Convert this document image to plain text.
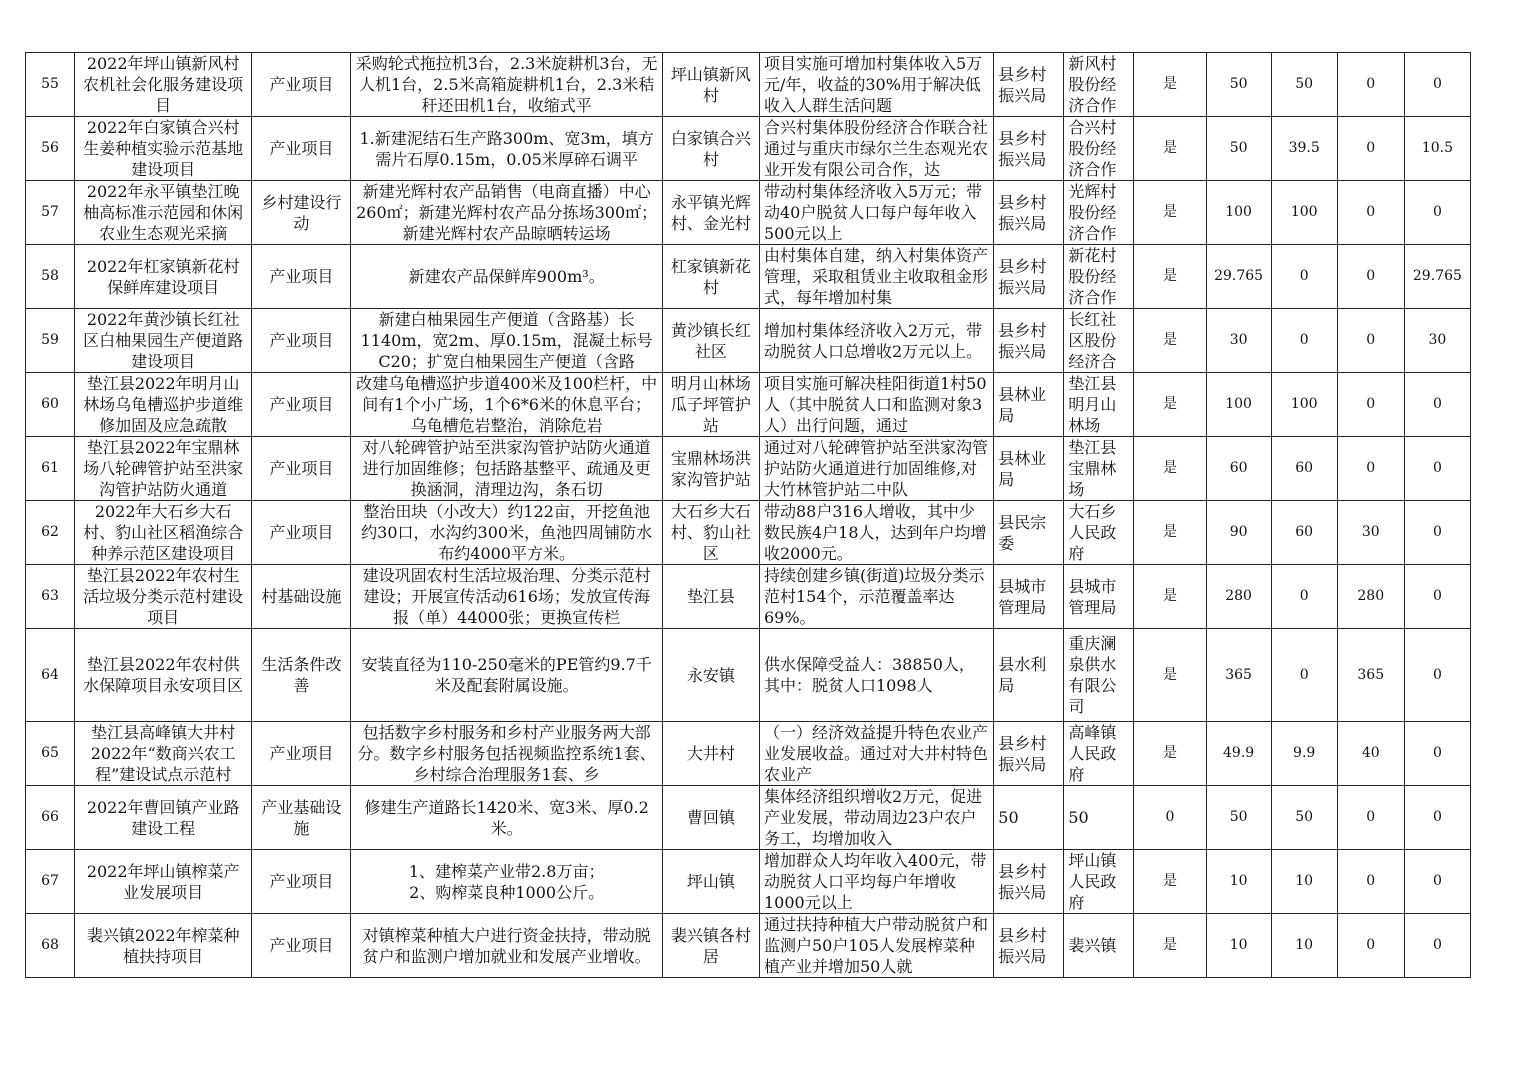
55	2022年坪山镇新风村农机社会化服务建设项目	产业项目	采购轮式拖拉机3台，2.3米旋耕机3台，无人机1台，2.5米高箱旋耕机1台，2.3米秸秆还田机1台，收缩式平	坪山镇新风村	项目实施可增加村集体收入5万元/年，收益的30%用于解决低收入人群生活问题	县乡村振兴局	新风村股份经济合作	是	50	50	0	0

56	2022年白家镇合兴村生姜种植实验示范基地建设项目	产业项目	1.新建泥结石生产路300m、宽3m，填方需片石厚0.15m，0.05米厚碎石调平	白家镇合兴村	合兴村集体股份经济合作联合社通过与重庆市绿尔兰生态观光农业开发有限公司合作，达	县乡村振兴局	合兴村股份经济合作	是	50	39.5	0	10.5

57	2022年永平镇垫江晚柚高标准示范园和休闲农业生态观光采摘	乡村建设行动	新建光辉村农产品销售（电商直播）中心260㎡；新建光辉村农产品分拣场300㎡；新建光辉村农产品晾晒转运场	永平镇光辉村、金光村	带动村集体经济收入5万元；带动40户脱贫人口每户每年收入500元以上	县乡村振兴局	光辉村股份经济合作	是	100	100	0	0

58	2022年杠家镇新花村保鲜库建设项目	产业项目	新建农产品保鲜库900m³。	杠家镇新花村	由村集体自建，纳入村集体资产管理，采取租赁业主收取租金形式，每年增加村集	县乡村振兴局	新花村股份经济合作	是	29.765	0	0	29.765

59	2022年黄沙镇长红社区白柚果园生产便道路建设项目	产业项目	新建白柚果园生产便道（含路基）长1140m，宽2m、厚0.15m，混凝土标号C20；扩宽白柚果园生产便道（含路	黄沙镇长红社区	增加村集体经济收入2万元，带动脱贫人口总增收2万元以上。	县乡村振兴局	长红社区股份经济合	是	30	0	0	30

60	垫江县2022年明月山林场乌龟槽巡护步道维修加固及应急疏散	产业项目	改建乌龟槽巡护步道400米及100栏杆，中间有1个小广场，1个6*6米的休息平台；乌龟槽危岩整治，消除危岩	明月山林场瓜子坪管护站	项目实施可解决桂阳街道1村50人（其中脱贫人口和监测对象3人）出行问题，通过	县林业局	垫江县明月山林场	是	100	100	0	0

61	垫江县2022年宝鼎林场八轮碑管护站至洪家沟管护站防火通道	产业项目	对八轮碑管护站至洪家沟管护站防火通道进行加固维修；包括路基整平、疏通及更换涵洞，清理边沟，条石切	宝鼎林场洪家沟管护站	通过对八轮碑管护站至洪家沟管护站防火通道进行加固维修,对大竹林管护站二中队	县林业局	垫江县宝鼎林场	是	60	60	0	0

62	2022年大石乡大石村、豹山社区稻渔综合种养示范区建设项目	产业项目	整治田块（小改大）约122亩，开挖鱼池约30口，水沟约300米，鱼池四周铺防水布约4000平方米。	大石乡大石村、豹山社区	带动88户316人增收，其中少数民族4户18人，达到年户均增收2000元。	县民宗委	大石乡人民政府	是	90	60	30	0

63	垫江县2022年农村生活垃圾分类示范村建设项目	村基础设施	建设巩固农村生活垃圾治理、分类示范村建设；开展宣传活动616场；发放宣传海报（单）44000张；更换宣传栏	垫江县	持续创建乡镇(街道)垃圾分类示范村154个，示范覆盖率达69%。	县城市管理局	县城市管理局	是	280	0	280	0

64	垫江县2022年农村供水保障项目永安项目区	生活条件改善	安装直径为110-250毫米的PE管约9.7千米及配套附属设施。	永安镇	供水保障受益人：38850人，其中：脱贫人口1098人	县水利局	重庆澜泉供水有限公司	是	365	0	365	0

65	垫江县高峰镇大井村2022年“数商兴农工程”建设试点示范村	产业项目	包括数字乡村服务和乡村产业服务两大部分。数字乡村服务包括视频监控系统1套、乡村综合治理服务1套、乡	大井村	（一）经济效益提升特色农业产业发展收益。通过对大井村特色农业产	县乡村振兴局	高峰镇人民政府	是	49.9	9.9	40	0

66	2022年曹回镇产业路建设工程	产业基础设施	修建生产道路长1420米、宽3米、厚0.2米。	曹回镇	集体经济组织增收2万元，促进产业发展，带动周边23户农户务工，均增加收入	50	50	0	50	50	0	0

67	2022年坪山镇榨菜产业发展项目	产业项目	1、建榨菜产业带2.8万亩；
2、购榨菜良种1000公斤。	坪山镇	增加群众人均年收入400元，带动脱贫人口平均每户年增收1000元以上	县乡村振兴局	坪山镇人民政府	是	10	10	0	0

68	裴兴镇2022年榨菜种植扶持项目	产业项目	对镇榨菜种植大户进行资金扶持，带动脱贫户和监测户增加就业和发展产业增收。	裴兴镇各村居	通过扶持种植大户带动脱贫户和监测户50户105人发展榨菜种植产业并增加50人就	县乡村振兴局	裴兴镇	是	10	10	0	0
